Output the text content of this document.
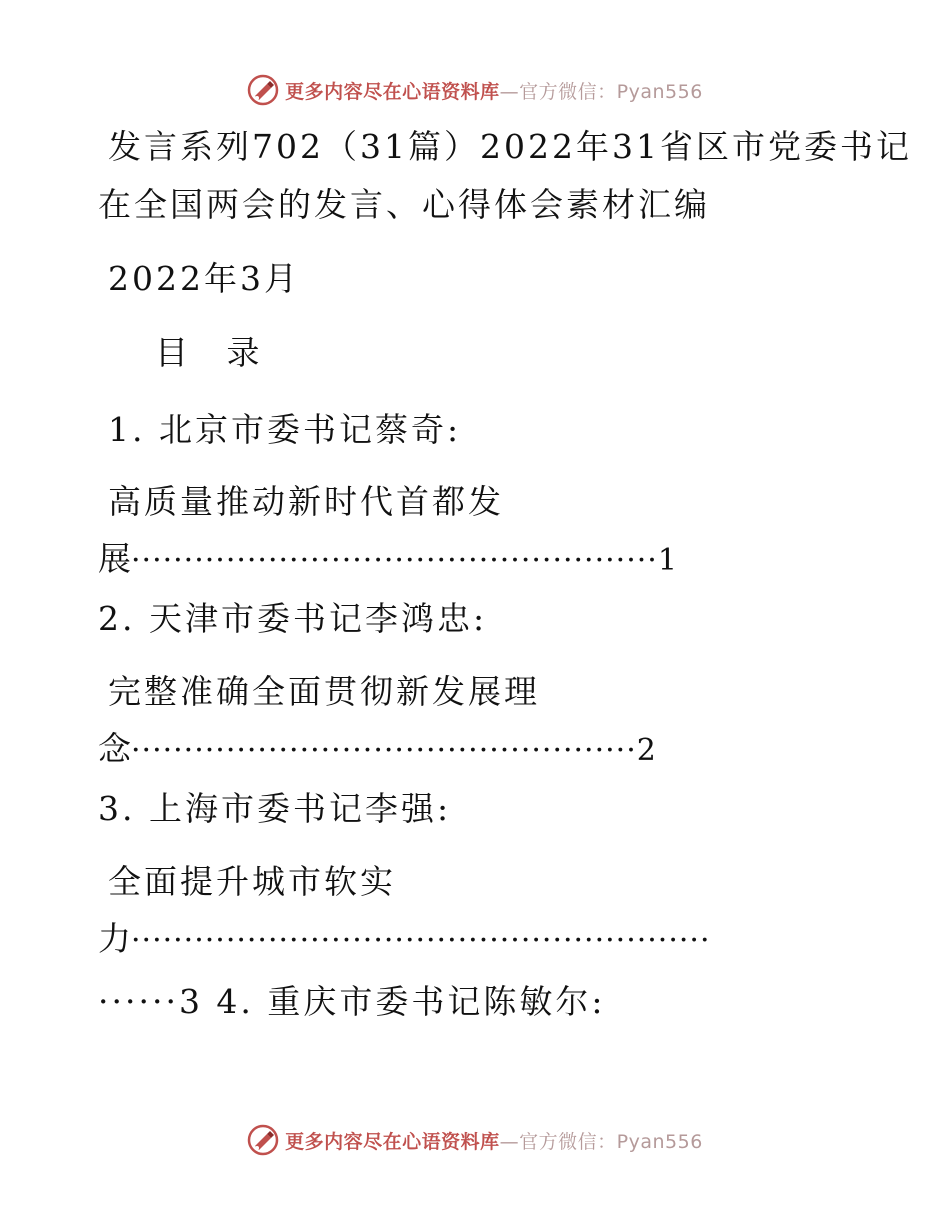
更多内容尽在心语资料库—官方微信：Pyan556
发言系列702（31篇）2022年31省区市党委书记
在全国两会的发言、心得体会素材汇编
2022年3月
目 录
1. 北京市委书记蔡奇:
高质量推动新时代首都发
展··················································1
2. 天津市委书记李鸿忠:
完整准确全面贯彻新发展理
念················································2
3. 上海市委书记李强:
全面提升城市软实
力·······················································
······3 4. 重庆市委书记陈敏尔:
更多内容尽在心语资料库—官方微信：Pyan556
